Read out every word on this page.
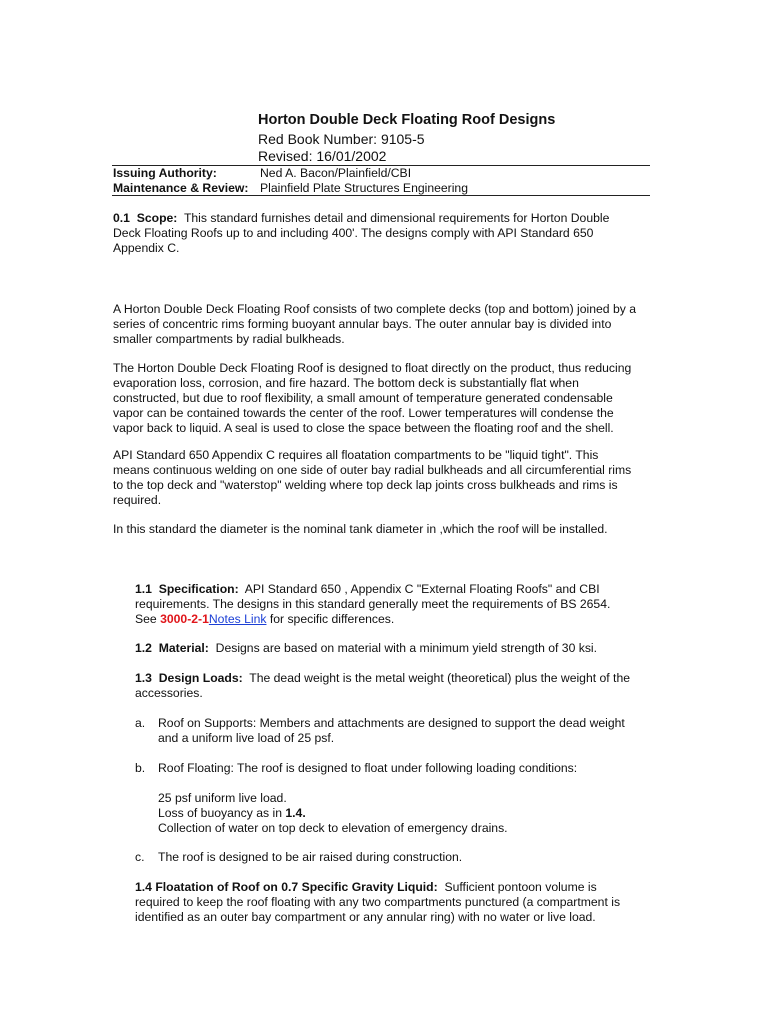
Horton Double Deck Floating Roof Designs
Red Book Number: 9105-5
Revised: 16/01/2002
Issuing Authority:	Ned A. Bacon/Plainfield/CBI
Maintenance & Review: Plainfield Plate Structures Engineering
0.1 Scope: This standard furnishes detail and dimensional requirements for Horton Double
Deck Floating Roofs up to and including 400'. The designs comply with API Standard 650
Appendix C.
A Horton Double Deck Floating Roof consists of two complete decks (top and bottom) joined by a
series of concentric rims forming buoyant annular bays. The outer annular bay is divided into
smaller compartments by radial bulkheads.
The Horton Double Deck Floating Roof is designed to float directly on the product, thus reducing
evaporation loss, corrosion, and fire hazard. The bottom deck is substantially flat when
constructed, but due to roof flexibility, a small amount of temperature generated condensable
vapor can be contained towards the center of the roof. Lower temperatures will condense the
vapor back to liquid. A seal is used to close the space between the floating roof and the shell.
API Standard 650 Appendix C requires all floatation compartments to be "liquid tight". This
means continuous welding on one side of outer bay radial bulkheads and all circumferential rims
to the top deck and "waterstop" welding where top deck lap joints cross bulkheads and rims is
required.
In this standard the diameter is the nominal tank diameter in ,which the roof will be installed.
1.1 Specification: API Standard 650 , Appendix C "External Floating Roofs" and CBI
requirements. The designs in this standard generally meet the requirements of BS 2654.
See 3000-2-1Notes Link for specific differences.
1.2 Material: Designs are based on material with a minimum yield strength of 30 ksi.
1.3 Design Loads: The dead weight is the metal weight (theoretical) plus the weight of the
accessories.
a. Roof on Supports: Members and attachments are designed to support the dead weight
and a uniform live load of 25 psf.
b. Roof Floating: The roof is designed to float under following loading conditions:
25 psf uniform live load.
Loss of buoyancy as in 1.4.
Collection of water on top deck to elevation of emergency drains.
c. The roof is designed to be air raised during construction.
1.4 Floatation of Roof on 0.7 Specific Gravity Liquid: Sufficient pontoon volume is
required to keep the roof floating with any two compartments punctured (a compartment is
identified as an outer bay compartment or any annular ring) with no water or live load.
